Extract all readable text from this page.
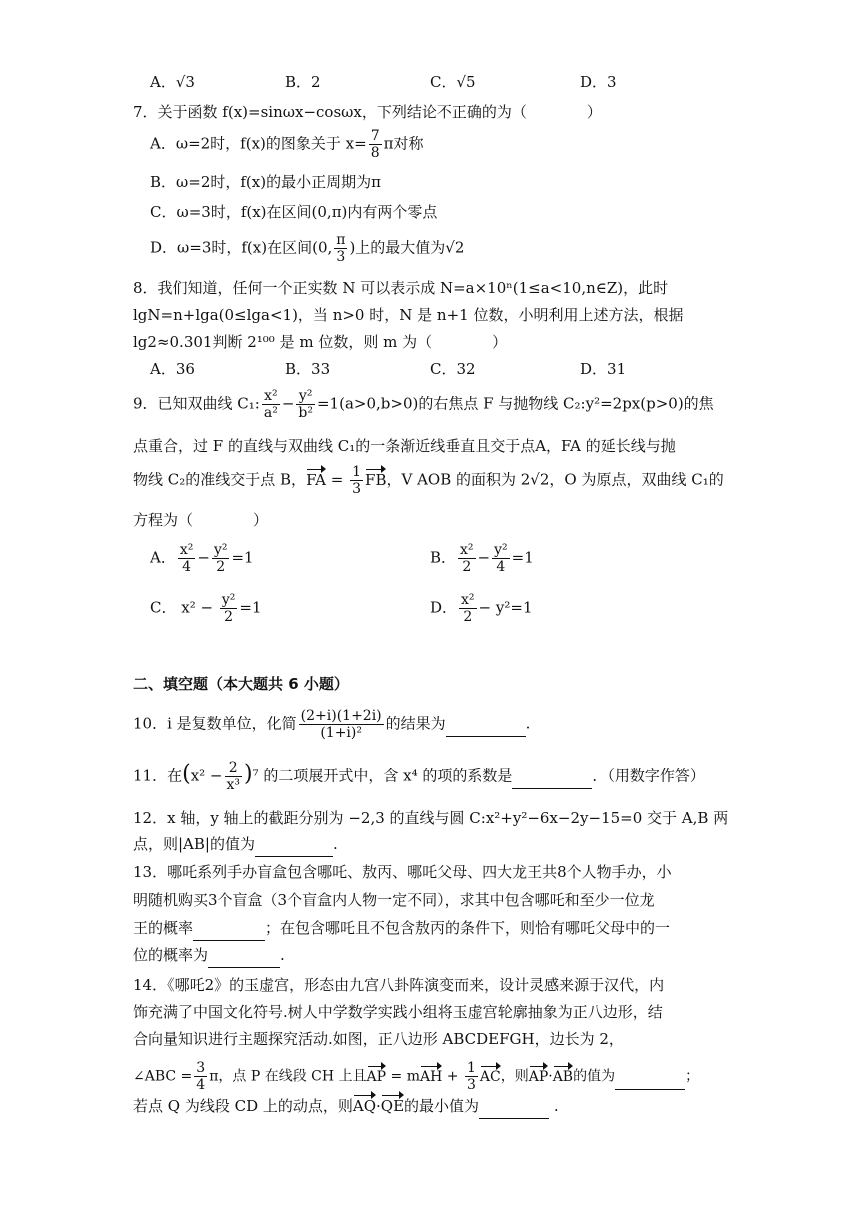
A．√3	B．2	C．√5	D．3
7．关于函数 f(x)=sinωx−cosωx，下列结论不正确的为（　　　　）
A．ω=2时，f(x)的图象关于 $x= \frac{7}{8}$ π对称
B．ω=2时，f(x)的最小正周期为π
C．ω=3时，f(x)在区间(0,π)内有两个零点
D．ω=3时，f(x)在区间(0, $\frac{\pi}{3}$ )上的最大值为√2
8．我们知道，任何一个正实数 N 可以表示成 N=a×10ⁿ(1≤a<10,n∈Z)，此时
lgN=n+lga(0≤lga<1)，当 n>0 时，N 是 n+1 位数，小明利用上述方法，根据
lg2≈0.301判断 2¹⁰⁰ 是 m 位数，则 m 为（　　　　）
A．36	B．33	C．32	D．31
9．已知双曲线 C₁: $\frac{\text{x²}}{\text{a²}} - \frac{\text{y²}}{\text{b²}} =1(a>0,b>0)$的右焦点 F 与抛物线 C₂:y²=2px(p>0)的焦
点重合，过 F 的直线与双曲线 C₁的一条渐近线垂直且交于点A，FA 的延长线与抛
物线 C₂的准线交于点 B，FA = $\frac{1}{3}$ FB，V AOB 的面积为 2√2，O 为原点，双曲线 C₁的
方程为（　　　　）
A． $\frac{\text{x²}}{4} - \frac{\text{y²}}{2} =1$	B． $\frac{\text{x²}}{2} - \frac{\text{y²}}{4} =1$
C． $x^2 - \frac{\text{y²}}{2} =1$	D． $\frac{\text{x²}}{2} - y^2=1$
二、填空题（本大题共 6 小题）
10．i 是复数单位，化简 $\frac{(2+i)(1+2i)}{\text{(1+i)²}}$ 的结果为	.
11．在$(x^2 - \frac{2}{\text{x³}} )^7$ 的二项展开式中，含 x⁴ 的项的系数是	．（用数字作答）
12．x 轴，y 轴上的截距分别为 −2,3 的直线与圆 C:x²+y²−6x−2y−15=0 交于 A,B 两
点，则|AB|的值为	.
13．哪吒系列手办盲盒包含哪吒、敖丙、哪吒父母、四大龙王共8个人物手办，小
明随机购买3个盲盒（3个盲盒内人物一定不同），求其中包含哪吒和至少一位龙
王的概率	；在包含哪吒且不包含敖丙的条件下，则恰有哪吒父母中的一
位的概率为	.
14．《哪吒2》的玉虚宫，形态由九宫八卦阵演变而来，设计灵感来源于汉代，内
饰充满了中国文化符号.树人中学数学实践小组将玉虚宫轮廓抽象为正八边形，结
合向量知识进行主题探究活动.如图，正八边形 ABCDEFGH，边长为 2，
∠ABC = $\frac{3}{4}$ π，点 P 在线段 CH 上且AP = mAH + $\frac{1}{3}$ AC，则AP·AB的值为	；
若点 Q 为线段 CD 上的动点，则AQ·QE的最小值为	.
